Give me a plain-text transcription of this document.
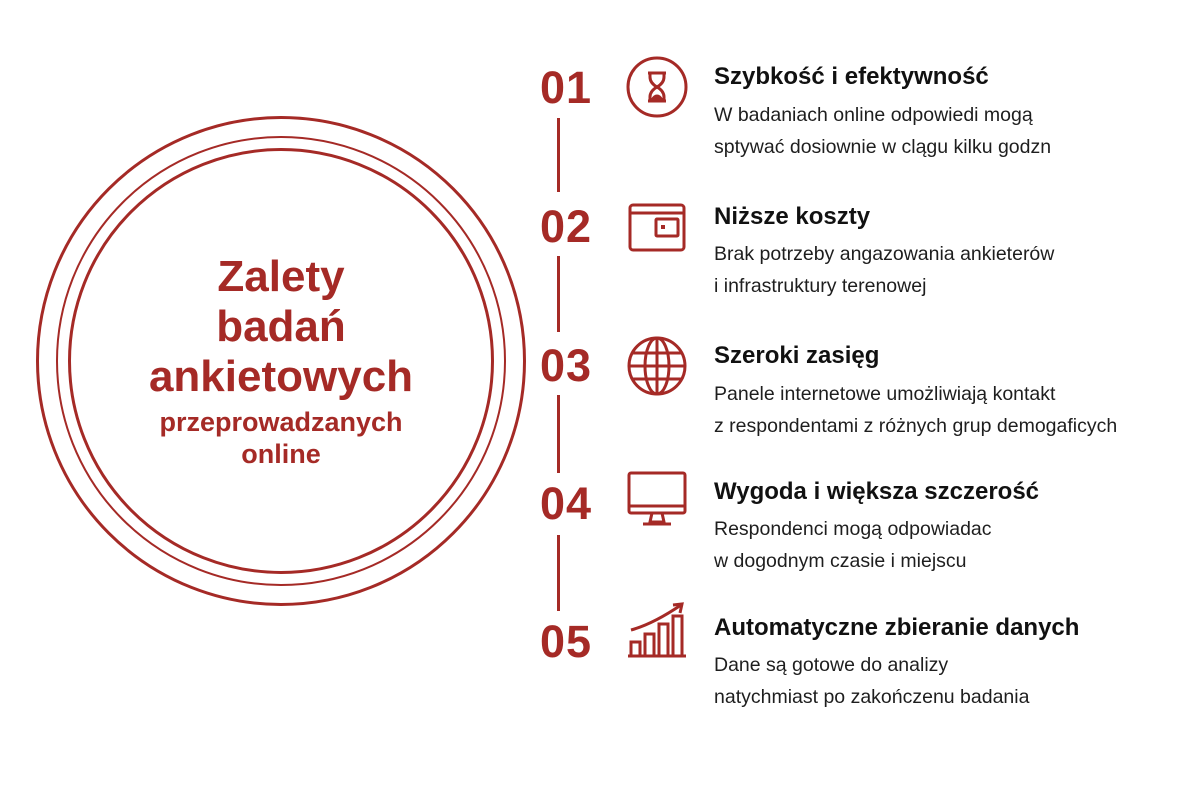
Zalety
badań
ankietowych
przeprowadzanych
online
01	Szybkość i efektywność
W badaniach online odpowiedi mogą
sptywać dosiownie w clągu kilku godzn
02	Niższe koszty
Brak potrzeby angazowania ankieterów
i infrastruktury terenowej
03	Szeroki zasięg
Panele internetowe umożliwiają kontakt
z respondentami z różnych grup demogaficych
04	Wygoda i większa szczerość
Respondenci mogą odpowiadac
w dogodnym czasie i miejscu
05	Automatyczne zbieranie danych
Dane są gotowe do analizy
natychmiast po zakończenu badania
